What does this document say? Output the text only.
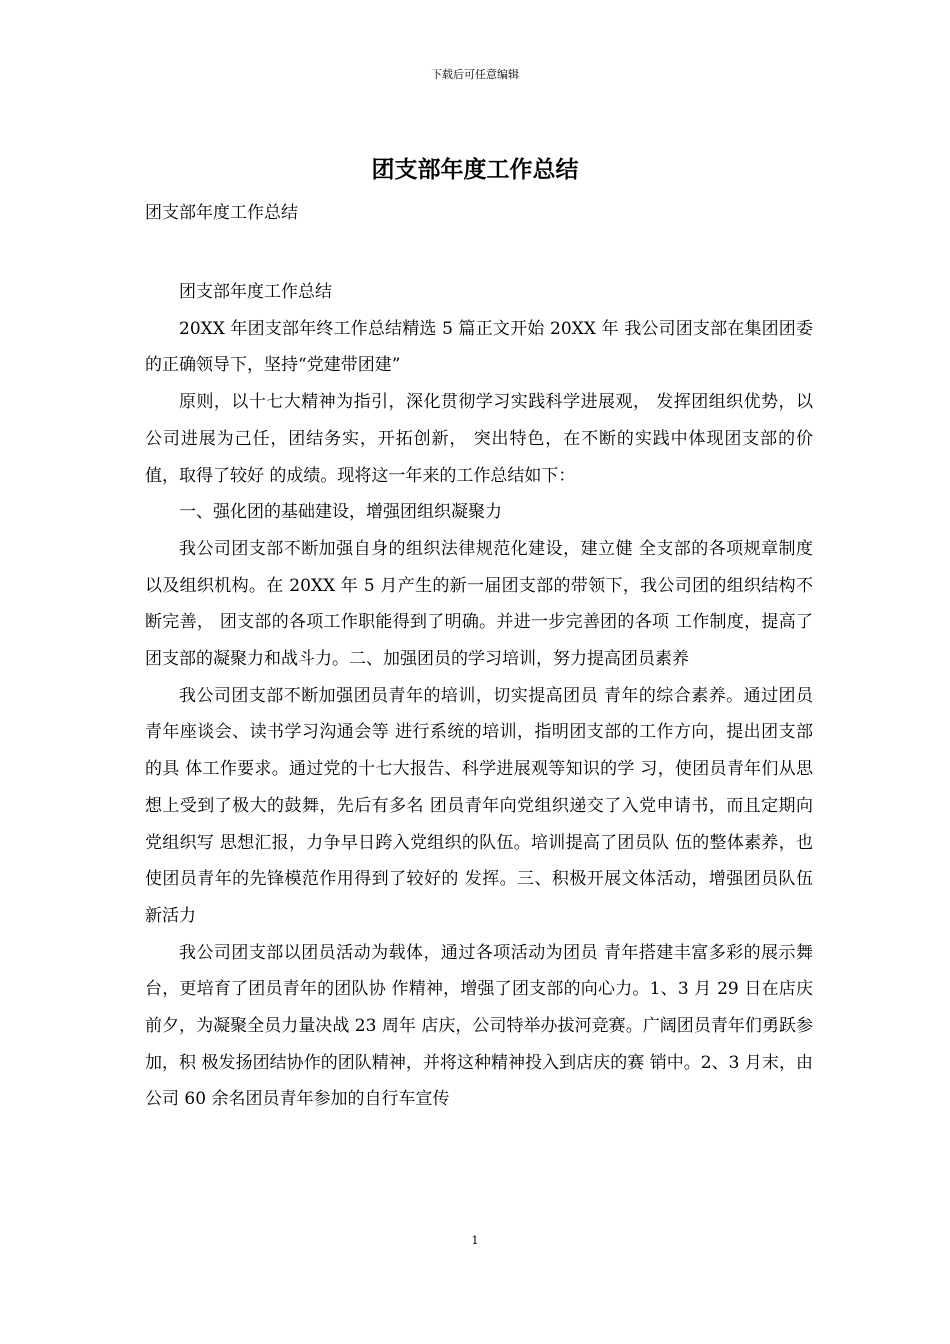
下载后可任意编辑
团支部年度工作总结
团支部年度工作总结

团支部年度工作总结

20XX 年团支部年终工作总结精选 5 篇正文开始 20XX 年 我公司团支部在集团团委的正确领导下，坚持“党建带团建”

原则，以十七大精神为指引，深化贯彻学习实践科学进展观， 发挥团组织优势，以公司进展为己任，团结务实，开拓创新， 突出特色，在不断的实践中体现团支部的价值，取得了较好 的成绩。现将这一年来的工作总结如下：

一、强化团的基础建设，增强团组织凝聚力

我公司团支部不断加强自身的组织法律规范化建设，建立健 全支部的各项规章制度以及组织机构。在 20XX 年 5 月产生的新一届团支部的带领下，我公司团的组织结构不断完善， 团支部的各项工作职能得到了明确。并进一步完善团的各项 工作制度，提高了团支部的凝聚力和战斗力。二、加强团员的学习培训，努力提高团员素养

我公司团支部不断加强团员青年的培训，切实提高团员 青年的综合素养。通过团员青年座谈会、读书学习沟通会等 进行系统的培训，指明团支部的工作方向，提出团支部的具 体工作要求。通过党的十七大报告、科学进展观等知识的学 习，使团员青年们从思想上受到了极大的鼓舞，先后有多名 团员青年向党组织递交了入党申请书，而且定期向党组织写 思想汇报，力争早日跨入党组织的队伍。培训提高了团员队 伍的整体素养，也使团员青年的先锋模范作用得到了较好的 发挥。三、积极开展文体活动，增强团员队伍新活力

我公司团支部以团员活动为载体，通过各项活动为团员 青年搭建丰富多彩的展示舞台，更培育了团员青年的团队协 作精神，增强了团支部的向心力。1、3 月 29 日在店庆前夕，为凝聚全员力量决战 23 周年 店庆，公司特举办拔河竞赛。广阔团员青年们勇跃参加，积 极发扬团结协作的团队精神，并将这种精神投入到店庆的赛 销中。2、3 月末，由公司 60 余名团员青年参加的自行车宣传

1
